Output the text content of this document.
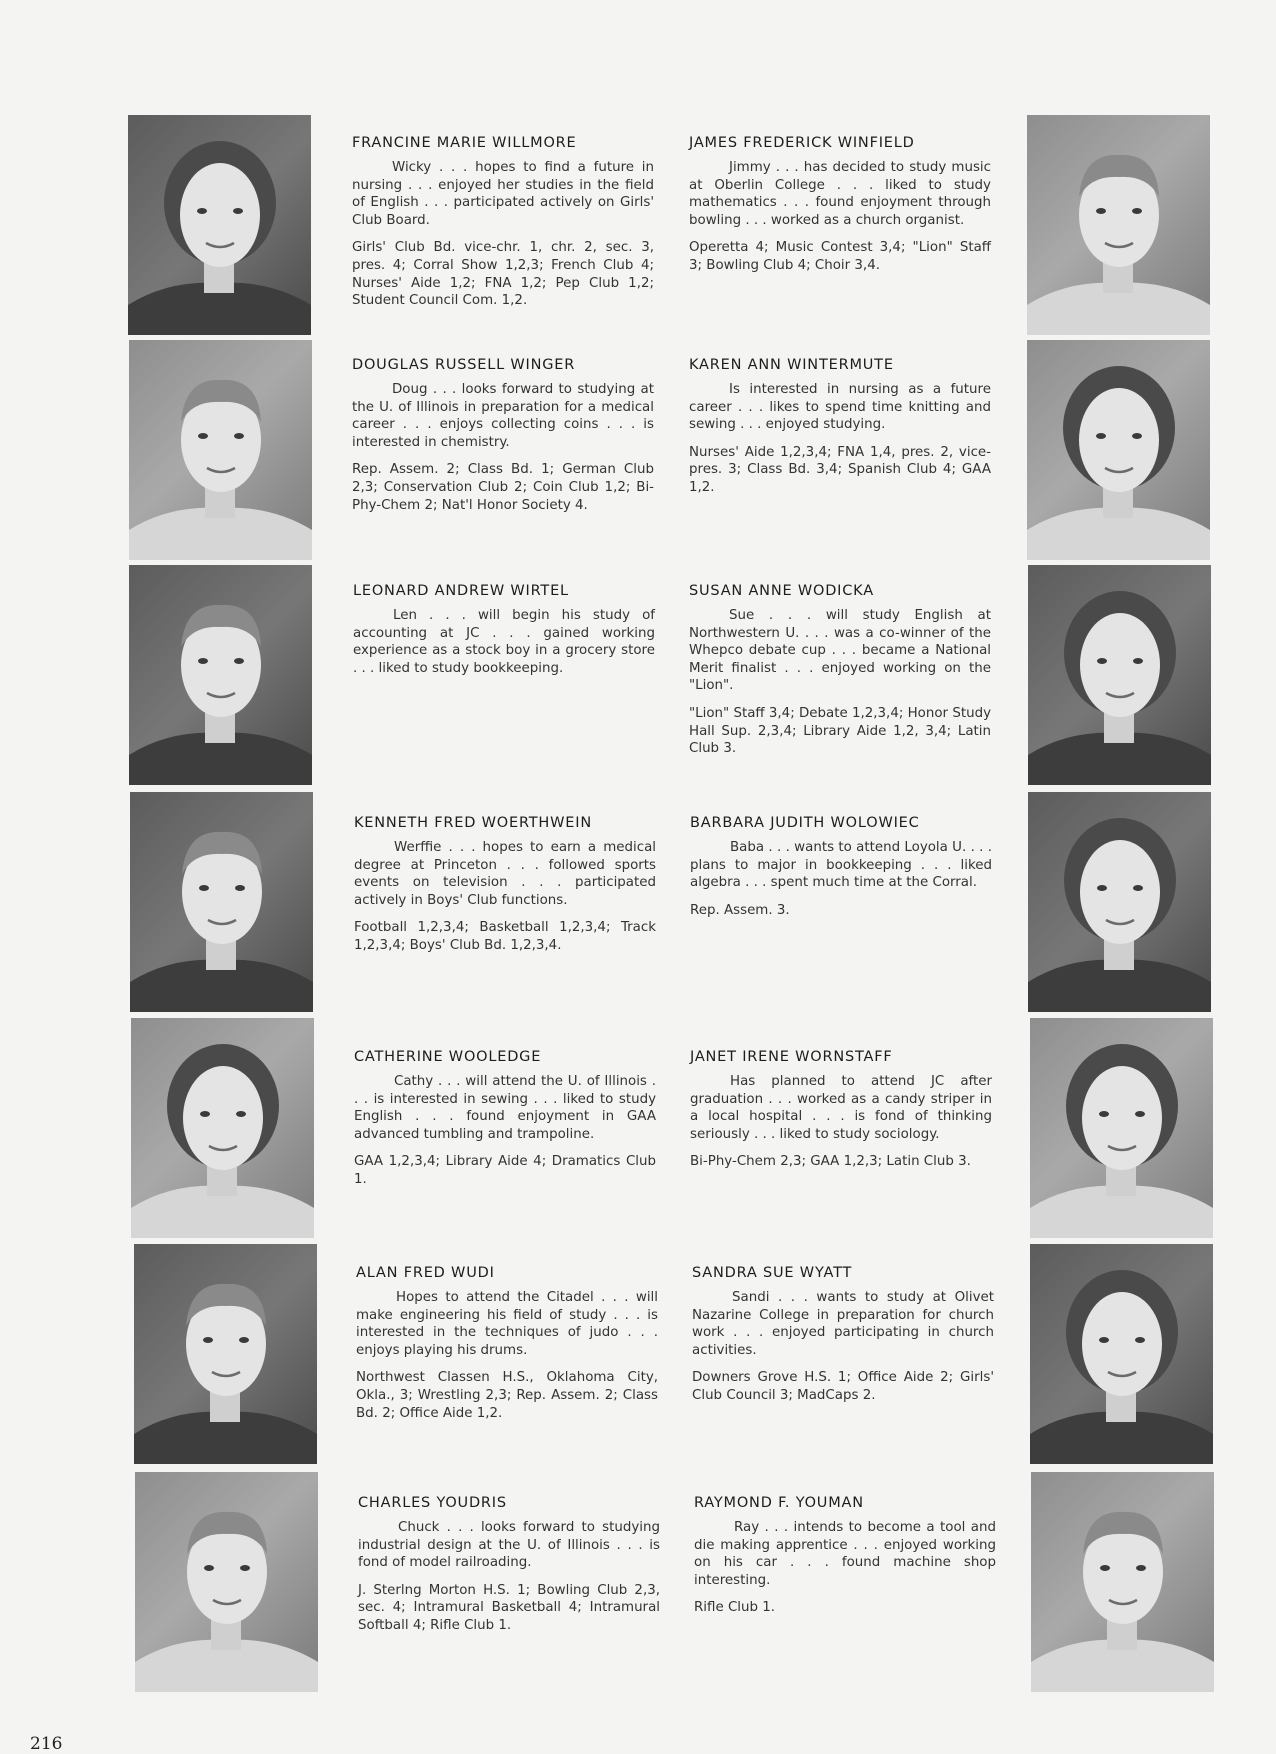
FRANCINE MARIE WILLMORE

Wicky . . . hopes to find a future in nursing . . . enjoyed her studies in the field of English . . . participated actively on Girls' Club Board.

Girls' Club Bd. vice-chr. 1, chr. 2, sec. 3, pres. 4; Corral Show 1,2,3; French Club 4; Nurses' Aide 1,2; FNA 1,2; Pep Club 1,2; Student Council Com. 1,2.

JAMES FREDERICK WINFIELD

Jimmy . . . has decided to study music at Oberlin College . . . liked to study mathematics . . . found enjoyment through bowling . . . worked as a church organist.

Operetta 4; Music Contest 3,4; "Lion" Staff 3; Bowling Club 4; Choir 3,4.

DOUGLAS RUSSELL WINGER

Doug . . . looks forward to studying at the U. of Illinois in preparation for a medical career . . . enjoys collecting coins . . . is interested in chemistry.

Rep. Assem. 2; Class Bd. 1; German Club 2,3; Conservation Club 2; Coin Club 1,2; Bi-Phy-Chem 2; Nat'l Honor Society 4.

KAREN ANN WINTERMUTE

Is interested in nursing as a future career . . . likes to spend time knitting and sewing . . . enjoyed studying.

Nurses' Aide 1,2,3,4; FNA 1,4, pres. 2, vice-pres. 3; Class Bd. 3,4; Spanish Club 4; GAA 1,2.

LEONARD ANDREW WIRTEL

Len . . . will begin his study of accounting at JC . . . gained working experience as a stock boy in a grocery store . . . liked to study bookkeeping.

SUSAN ANNE WODICKA

Sue . . . will study English at Northwestern U. . . . was a co-winner of the Whepco debate cup . . . became a National Merit finalist . . . enjoyed working on the "Lion".

"Lion" Staff 3,4; Debate 1,2,3,4; Honor Study Hall Sup. 2,3,4; Library Aide 1,2, 3,4; Latin Club 3.

KENNETH FRED WOERTHWEIN

Werffie . . . hopes to earn a medical degree at Princeton . . . followed sports events on television . . . participated actively in Boys' Club functions.

Football 1,2,3,4; Basketball 1,2,3,4; Track 1,2,3,4; Boys' Club Bd. 1,2,3,4.

BARBARA JUDITH WOLOWIEC

Baba . . . wants to attend Loyola U. . . . plans to major in bookkeeping . . . liked algebra . . . spent much time at the Corral.

Rep. Assem. 3.

CATHERINE WOOLEDGE

Cathy . . . will attend the U. of Illinois . . . is interested in sewing . . . liked to study English . . . found enjoyment in GAA advanced tumbling and trampoline.

GAA 1,2,3,4; Library Aide 4; Dramatics Club 1.

JANET IRENE WORNSTAFF

Has planned to attend JC after graduation . . . worked as a candy striper in a local hospital . . . is fond of thinking seriously . . . liked to study sociology.

Bi-Phy-Chem 2,3; GAA 1,2,3; Latin Club 3.

ALAN FRED WUDI

Hopes to attend the Citadel . . . will make engineering his field of study . . . is interested in the techniques of judo . . . enjoys playing his drums.

Northwest Classen H.S., Oklahoma City, Okla., 3; Wrestling 2,3; Rep. Assem. 2; Class Bd. 2; Office Aide 1,2.

SANDRA SUE WYATT

Sandi . . . wants to study at Olivet Nazarine College in preparation for church work . . . enjoyed participating in church activities.

Downers Grove H.S. 1; Office Aide 2; Girls' Club Council 3; MadCaps 2.

CHARLES YOUDRIS

Chuck . . . looks forward to studying industrial design at the U. of Illinois . . . is fond of model railroading.

J. Sterlng Morton H.S. 1; Bowling Club 2,3, sec. 4; Intramural Basketball 4; Intramural Softball 4; Rifle Club 1.

RAYMOND F. YOUMAN

Ray . . . intends to become a tool and die making apprentice . . . enjoyed working on his car . . . found machine shop interesting.

Rifle Club 1.

216
